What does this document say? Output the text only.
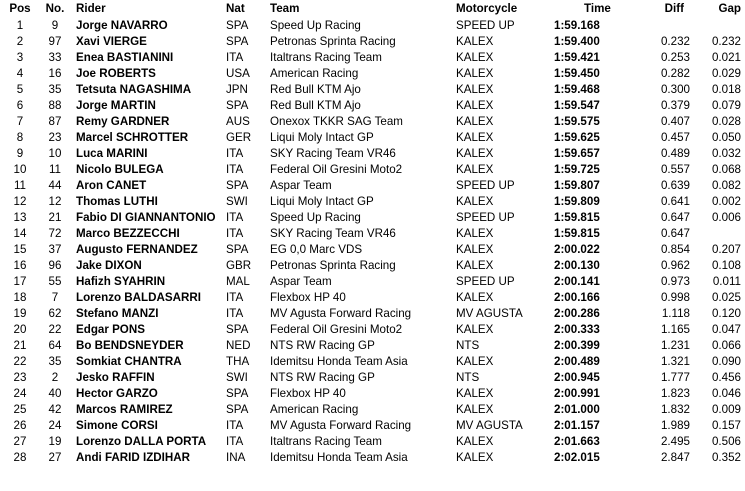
Pos	No.	Rider	Nat	Team	Motorcycle	Time	Diff	Gap
1	9	Jorge NAVARRO	SPA	Speed Up Racing	SPEED UP	1:59.168		
2	97	Xavi VIERGE	SPA	Petronas Sprinta Racing	KALEX	1:59.400	0.232	0.232
3	33	Enea BASTIANINI	ITA	Italtrans Racing Team	KALEX	1:59.421	0.253	0.021
4	16	Joe ROBERTS	USA	American Racing	KALEX	1:59.450	0.282	0.029
5	35	Tetsuta NAGASHIMA	JPN	Red Bull KTM Ajo	KALEX	1:59.468	0.300	0.018
6	88	Jorge MARTIN	SPA	Red Bull KTM Ajo	KALEX	1:59.547	0.379	0.079
7	87	Remy GARDNER	AUS	Onexox TKKR SAG Team	KALEX	1:59.575	0.407	0.028
8	23	Marcel SCHROTTER	GER	Liqui Moly Intact GP	KALEX	1:59.625	0.457	0.050
9	10	Luca MARINI	ITA	SKY Racing Team VR46	KALEX	1:59.657	0.489	0.032
10	11	Nicolo BULEGA	ITA	Federal Oil Gresini Moto2	KALEX	1:59.725	0.557	0.068
11	44	Aron CANET	SPA	Aspar Team	SPEED UP	1:59.807	0.639	0.082
12	12	Thomas LUTHI	SWI	Liqui Moly Intact GP	KALEX	1:59.809	0.641	0.002
13	21	Fabio DI GIANNANTONIO	ITA	Speed Up Racing	SPEED UP	1:59.815	0.647	0.006
14	72	Marco BEZZECCHI	ITA	SKY Racing Team VR46	KALEX	1:59.815	0.647	
15	37	Augusto FERNANDEZ	SPA	EG 0,0 Marc VDS	KALEX	2:00.022	0.854	0.207
16	96	Jake DIXON	GBR	Petronas Sprinta Racing	KALEX	2:00.130	0.962	0.108
17	55	Hafizh SYAHRIN	MAL	Aspar Team	SPEED UP	2:00.141	0.973	0.011
18	7	Lorenzo BALDASARRI	ITA	Flexbox HP 40	KALEX	2:00.166	0.998	0.025
19	62	Stefano MANZI	ITA	MV Agusta Forward Racing	MV AGUSTA	2:00.286	1.118	0.120
20	22	Edgar PONS	SPA	Federal Oil Gresini Moto2	KALEX	2:00.333	1.165	0.047
21	64	Bo BENDSNEYDER	NED	NTS RW Racing GP	NTS	2:00.399	1.231	0.066
22	35	Somkiat CHANTRA	THA	Idemitsu Honda Team Asia	KALEX	2:00.489	1.321	0.090
23	2	Jesko RAFFIN	SWI	NTS RW Racing GP	NTS	2:00.945	1.777	0.456
24	40	Hector GARZO	SPA	Flexbox HP 40	KALEX	2:00.991	1.823	0.046
25	42	Marcos RAMIREZ	SPA	American Racing	KALEX	2:01.000	1.832	0.009
26	24	Simone CORSI	ITA	MV Agusta Forward Racing	MV AGUSTA	2:01.157	1.989	0.157
27	19	Lorenzo DALLA PORTA	ITA	Italtrans Racing Team	KALEX	2:01.663	2.495	0.506
28	27	Andi FARID IZDIHAR	INA	Idemitsu Honda Team Asia	KALEX	2:02.015	2.847	0.352
